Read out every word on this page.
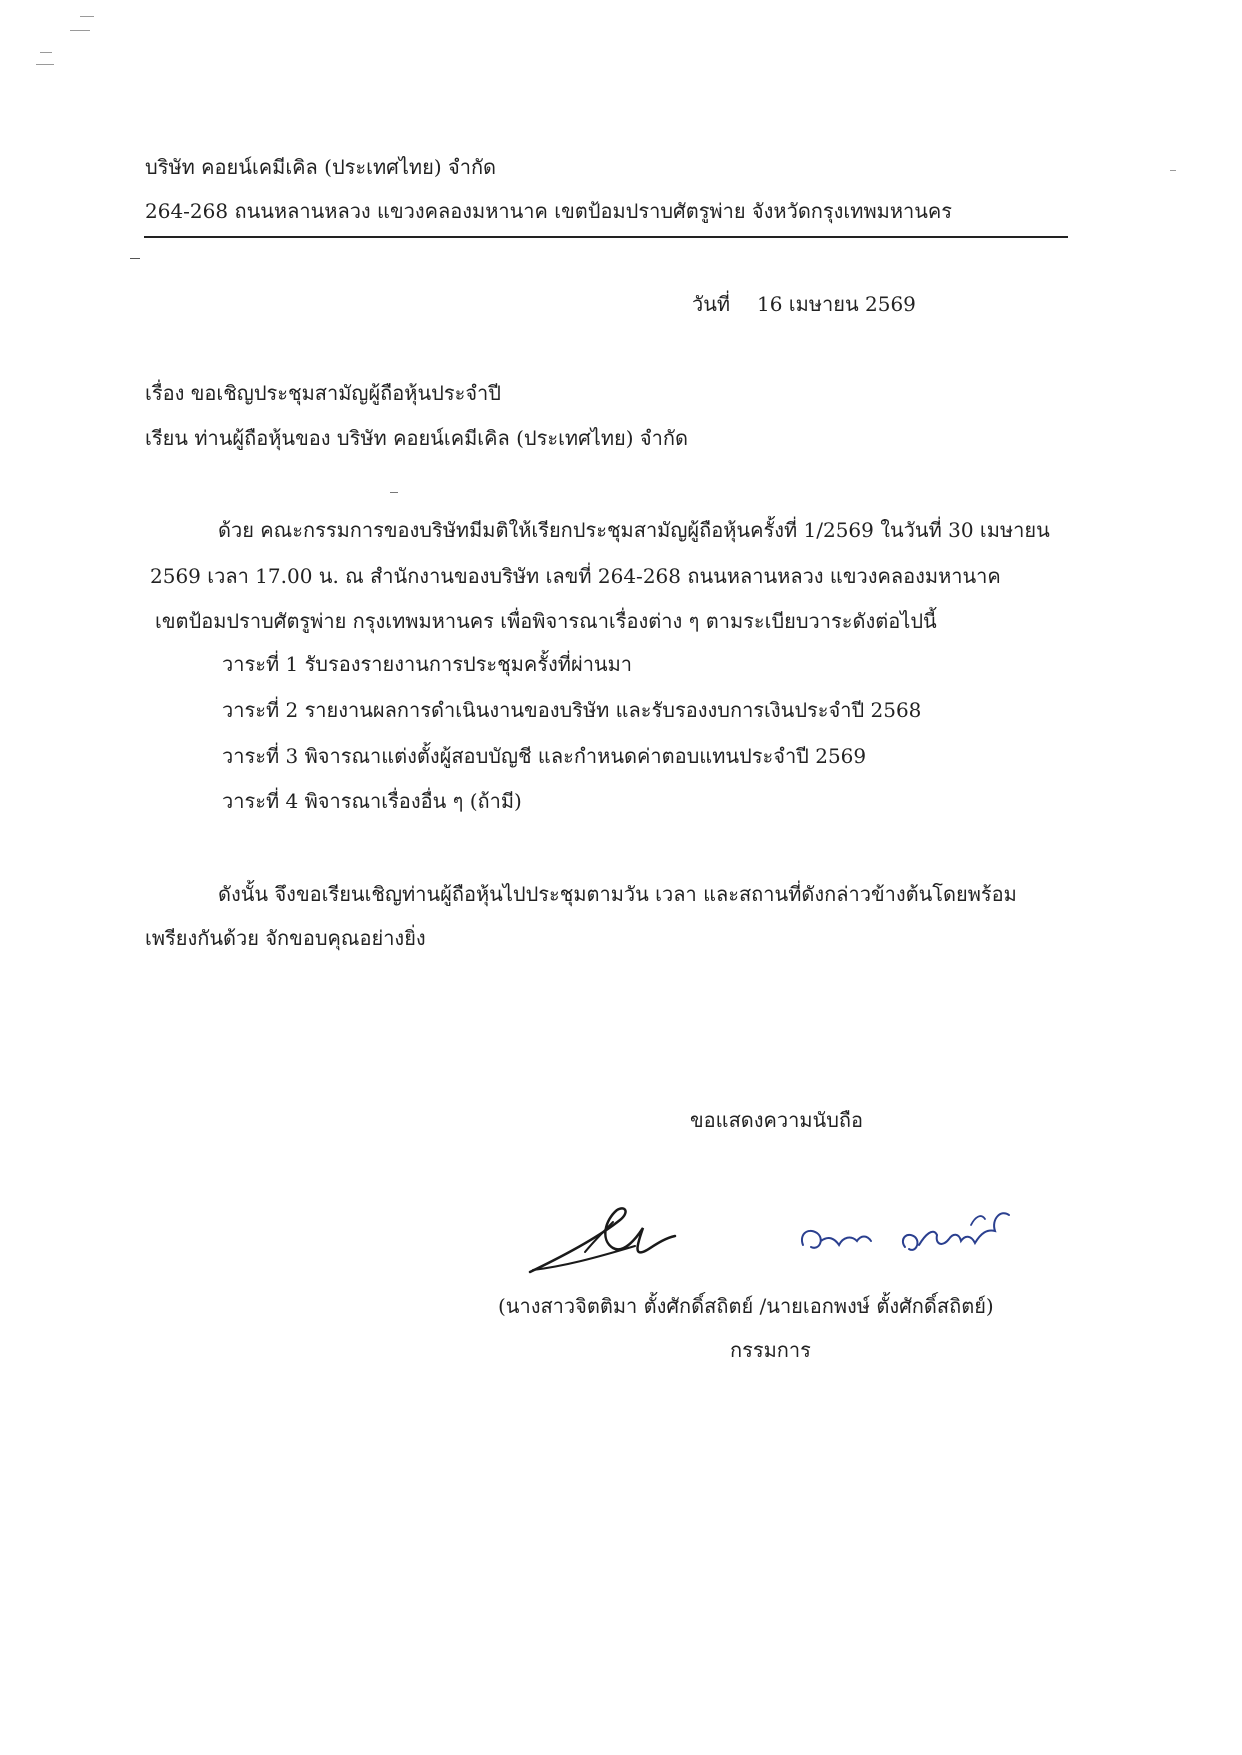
บริษัท คอยน์เคมีเคิล (ประเทศไทย) จำกัด
264-268 ถนนหลานหลวง แขวงคลองมหานาค เขตป้อมปราบศัตรูพ่าย จังหวัดกรุงเทพมหานคร
วันที่ 16 เมษายน 2569
เรื่อง ขอเชิญประชุมสามัญผู้ถือหุ้นประจำปี
เรียน ท่านผู้ถือหุ้นของ บริษัท คอยน์เคมีเคิล (ประเทศไทย) จำกัด
ด้วย คณะกรรมการของบริษัทมีมติให้เรียกประชุมสามัญผู้ถือหุ้นครั้งที่ 1/2569 ในวันที่ 30 เมษายน
2569 เวลา 17.00 น. ณ สำนักงานของบริษัท เลขที่ 264-268 ถนนหลานหลวง แขวงคลองมหานาค
เขตป้อมปราบศัตรูพ่าย กรุงเทพมหานคร เพื่อพิจารณาเรื่องต่าง ๆ ตามระเบียบวาระดังต่อไปนี้
วาระที่ 1 รับรองรายงานการประชุมครั้งที่ผ่านมา
วาระที่ 2 รายงานผลการดำเนินงานของบริษัท และรับรองงบการเงินประจำปี 2568
วาระที่ 3 พิจารณาแต่งตั้งผู้สอบบัญชี และกำหนดค่าตอบแทนประจำปี 2569
วาระที่ 4 พิจารณาเรื่องอื่น ๆ (ถ้ามี)
ดังนั้น จึงขอเรียนเชิญท่านผู้ถือหุ้นไปประชุมตามวัน เวลา และสถานที่ดังกล่าวข้างต้นโดยพร้อม
เพรียงกันด้วย จักขอบคุณอย่างยิ่ง
ขอแสดงความนับถือ
(นางสาวจิตติมา ตั้งศักดิ์สถิตย์ /นายเอกพงษ์ ตั้งศักดิ์สถิตย์)
กรรมการ
